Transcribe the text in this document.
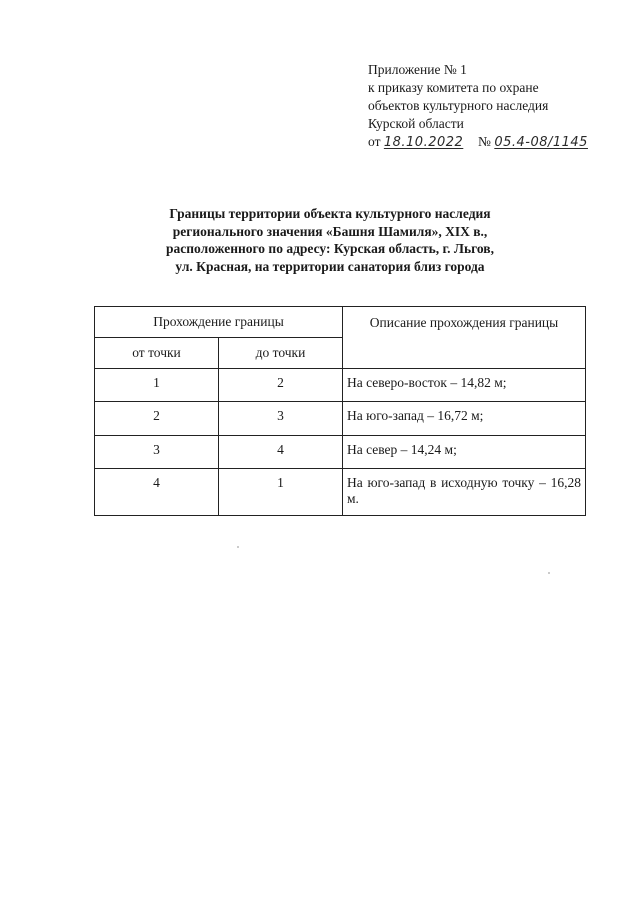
Приложение № 1
к приказу комитета по охране
объектов культурного наследия
Курской области
от 18.10.2022 № 05.4-08/1145
Границы территории объекта культурного наследия
регионального значения «Башня Шамиля», XIX в.,
расположенного по адресу: Курская область, г. Льгов,
ул. Красная, на территории санатория близ города
Прохождение границы		Описание прохождения границы
от точки	до точки	
1	2	На северо-восток – 14,82 м;
2	3	На юго-запад – 16,72 м;
3	4	На север – 14,24 м;
4	1	На юго-запад в исходную точку – 16,28 м.
